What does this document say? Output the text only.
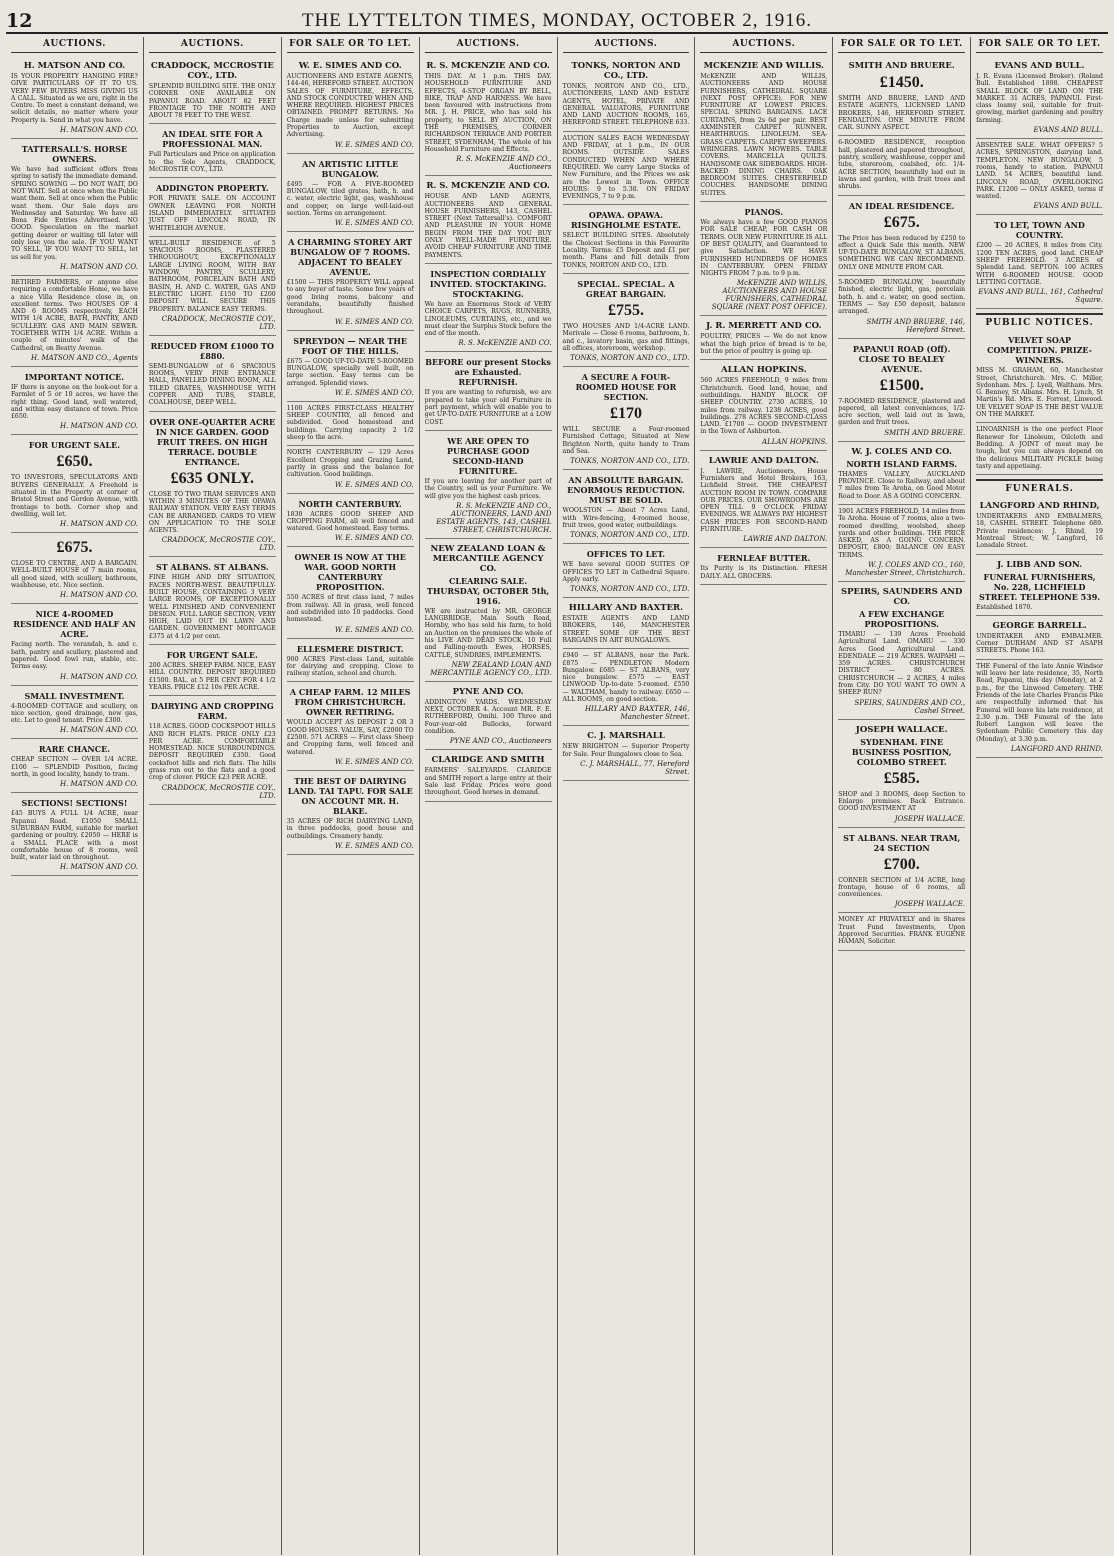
12	THE LYTTELTON TIMES, MONDAY, OCTOBER 2, 1916.
AUCTIONS.
H. MATSON AND CO.
IS YOUR PROPERTY HANGING FIRE? GIVE PARTICULARS OF IT TO US. VERY FEW BUYERS MISS GIVING US A CALL. Situated as we are, right in the Centre. To meet a constant demand, we solicit details, no matter where your Property is. Send in what you have.
H. MATSON AND CO.
TATTERSALL'S. HORSE OWNERS.
We have had sufficient offers from spring to satisfy the immediate demand. SPRING SOWING — DO NOT WAIT, DO NOT WAIT. Sell at once when the Public want them. Sell at once when the Public want them. Our Sale days are Wednesday and Saturday. We have all Bona Fide Entries Advertised. NO GOOD. Speculation on the market getting dearer or waiting till later will only lose you the sale. IF YOU WANT TO SELL, IF YOU WANT TO SELL, let us sell for you.
H. MATSON AND CO.
RETIRED FARMERS, or anyone else requiring a comfortable Home, we have a nice Villa Residence close in, on excellent terms. Two HOUSES OF 4 AND 6 ROOMS respectively, EACH WITH 1/4 ACRE, BATH, PANTRY, AND SCULLERY. GAS AND MAIN SEWER. TOGETHER WITH 1/4 ACRE. Within a couple of minutes' walk of the Cathedral, on Beatty Avenue.
H. MATSON AND CO., Agents
IMPORTANT NOTICE.
IF there is anyone on the look-out for a Farmlet of 5 or 10 acres, we have the right thing. Good land, well watered, and within easy distance of town. Price £650.
H. MATSON AND CO.
FOR URGENT SALE.
£650.
TO INVESTORS, SPECULATORS AND BUYERS GENERALLY. A Freehold is situated in the Property at corner of Bristol Street and Gordon Avenue, with frontage to both. Corner shop and dwelling, well let.
H. MATSON AND CO.
£675.
CLOSE TO CENTRE, AND A BARGAIN. WELL-BUILT HOUSE of 7 main rooms, all good sized, with scullery, bathroom, washhouse, etc. Nice section.
H. MATSON AND CO.
NICE 4-ROOMED RESIDENCE AND HALF AN ACRE.
Facing north. The verandah, h. and c. bath, pantry and scullery, plastered and papered. Good fowl run, stable, etc. Terms easy.
H. MATSON AND CO.
SMALL INVESTMENT.
4-ROOMED COTTAGE and scullery, on nice section, good drainage, new gas, etc. Let to good tenant. Price £300.
H. MATSON AND CO.
RARE CHANCE.
CHEAP SECTION — OVER 1/4 ACRE. £100 — SPLENDID Position, facing north, in good locality, handy to tram.
H. MATSON AND CO.
SECTIONS! SECTIONS!
£45 BUYS A FULL 1/4 ACRE, near Papanui Road. £1050 SMALL SUBURBAN FARM, suitable for market gardening or poultry. £2050 — HERE is a SMALL PLACE with a most comfortable house of 8 rooms, well built, water laid on throughout.
H. MATSON AND CO.
AUCTIONS.
CRADDOCK, MCCROSTIE COY., LTD.
SPLENDID BUILDING SITE. THE ONLY CORNER ONE AVAILABLE ON PAPANUI ROAD. ABOUT 82 FEET FRONTAGE TO THE NORTH AND ABOUT 78 FEET TO THE WEST.
AN IDEAL SITE FOR A PROFESSIONAL MAN.
Full Particulars and Price on application to the Sole Agents, CRADDOCK, McCROSTIE COY., LTD.
ADDINGTON PROPERTY.
FOR PRIVATE SALE. ON ACCOUNT OWNER LEAVING FOR NORTH ISLAND IMMEDIATELY. SITUATED JUST OFF LINCOLN ROAD, IN WHITELEIGH AVENUE.
WELL-BUILT RESIDENCE of 5 SPACIOUS ROOMS, PLASTERED THROUGHOUT, EXCEPTIONALLY LARGE LIVING ROOM, WITH BAY WINDOW, PANTRY, SCULLERY, BATHROOM, PORCELAIN BATH AND BASIN, H. AND C. WATER, GAS AND ELECTRIC LIGHT. £150 TO £200 DEPOSIT WILL SECURE THIS PROPERTY. BALANCE EASY TERMS.
CRADDOCK, McCROSTIE COY., LTD.
REDUCED FROM £1000 TO £880.
SEMI-BUNGALOW of 6 SPACIOUS ROOMS, VERY FINE ENTRANCE HALL, PANELLED DINING ROOM, ALL TILED GRATES, WASHHOUSE WITH COPPER AND TUBS, STABLE, COALHOUSE, DEEP WELL.
OVER ONE-QUARTER ACRE IN NICE GARDEN. GOOD FRUIT TREES. ON HIGH TERRACE. DOUBLE ENTRANCE.
£635 ONLY.
CLOSE TO TWO TRAM SERVICES AND WITHIN 3 MINUTES OF THE OPAWA RAILWAY STATION. VERY EASY TERMS CAN BE ARRANGED. CARDS TO VIEW ON APPLICATION TO THE SOLE AGENTS.
CRADDOCK, McCROSTIE COY., LTD.
ST ALBANS. ST ALBANS.
FINE HIGH AND DRY SITUATION, FACES NORTH-WEST. BEAUTIFULLY-BUILT HOUSE, CONTAINING 3 VERY LARGE ROOMS, OF EXCEPTIONALLY WELL FINISHED AND CONVENIENT DESIGN. FULL LARGE SECTION, VERY HIGH, LAID OUT IN LAWN AND GARDEN. GOVERNMENT MORTGAGE £375 at 4 1/2 per cent.
FOR URGENT SALE.
200 ACRES. SHEEP FARM. NICE, EASY HILL COUNTRY. DEPOSIT REQUIRED £1500. BAL. at 5 PER CENT FOR 4 1/2 YEARS. PRICE £12 10s PER ACRE.
DAIRYING AND CROPPING FARM.
118 ACRES. GOOD COCKSPOOT HILLS AND RICH FLATS. PRICE ONLY £23 PER ACRE. COMFORTABLE HOMESTEAD. NICE SURROUNDINGS. DEPOSIT REQUIRED £350. Good cocksfoot hills and rich flats. The hills grass run out to the flats and a good crop of clover. PRICE £23 PER ACRE.
CRADDOCK, McCROSTIE COY., LTD.
FOR SALE OR TO LET.
W. E. SIMES AND CO.
AUCTIONEERS AND ESTATE AGENTS, 144-46, HEREFORD STREET. AUCTION SALES OF FURNITURE, EFFECTS, AND STOCK CONDUCTED WHEN AND WHERE REQUIRED. HIGHEST PRICES OBTAINED. PROMPT RETURNS. No Charge made unless for submitting Properties to Auction, except Advertising.
W. E. SIMES AND CO.
AN ARTISTIC LITTLE BUNGALOW.
£495 — FOR A FIVE-ROOMED BUNGALOW, tiled grates, bath, h. and c. water, electric light, gas, washhouse and copper, on large well-laid-out section. Terms on arrangement.
W. E. SIMES AND CO.
A CHARMING STOREY ART BUNGALOW OF 7 ROOMS. ADJACENT TO BEALEY AVENUE.
£1500 — THIS PROPERTY WILL appeal to any buyer of taste. Some few years of good living rooms, balcony and verandahs, beautifully finished throughout.
W. E. SIMES AND CO.
SPREYDON — NEAR THE FOOT OF THE HILLS.
£675 — GOOD UP-TO-DATE 5-ROOMED BUNGALOW, specially well built, on large section. Easy terms can be arranged. Splendid views.
W. E. SIMES AND CO.
1100 ACRES FIRST-CLASS HEALTHY SHEEP COUNTRY, all fenced and subdivided. Good homestead and buildings. Carrying capacity 2 1/2 sheep to the acre.
NORTH CANTERBURY — 129 Acres Excellent Cropping and Grazing Land, partly in grass and the balance for cultivation. Good buildings.
W. E. SIMES AND CO.
NORTH CANTERBURY.
1830 ACRES GOOD SHEEP AND CROPPING FARM, all well fenced and watered. Good homestead. Easy terms.
W. E. SIMES AND CO.
OWNER IS NOW AT THE WAR. GOOD NORTH CANTERBURY PROPOSITION.
550 ACRES of first class land, 7 miles from railway. All in grass, well fenced and subdivided into 10 paddocks. Good homestead.
W. E. SIMES AND CO.
ELLESMERE DISTRICT.
900 ACRES First-class Land, suitable for dairying and cropping. Close to railway station, school and church.
A CHEAP FARM. 12 MILES FROM CHRISTCHURCH. OWNER RETIRING.
WOULD ACCEPT AS DEPOSIT 2 OR 3 GOOD HOUSES. VALUE, SAY, £2000 TO £2500. 571 ACRES — First class Sheep and Cropping farm, well fenced and watered.
W. E. SIMES AND CO.
THE BEST OF DAIRYING LAND. TAI TAPU. FOR SALE ON ACCOUNT MR. H. BLAKE.
35 ACRES OF RICH DAIRYING LAND, in three paddocks, good house and outbuildings. Creamery handy.
W. E. SIMES AND CO.
AUCTIONS.
R. S. MCKENZIE AND CO.
THIS DAY. At 1 p.m. THIS DAY. HOUSEHOLD FURNITURE AND EFFECTS, 4-STOP ORGAN BY BELL, BIKE, TRAP AND HARNESS. We have been favoured with instructions from MR. J. H. PRICE, who has sold his property, to SELL BY AUCTION, ON THE PREMISES, CORNER RICHARDSON TERRACE AND PORTER STREET, SYDENHAM, The whole of his Household Furniture and Effects.
R. S. McKENZIE AND CO., Auctioneers
R. S. MCKENZIE AND CO.
HOUSE AND LAND AGENTS, AUCTIONEERS AND GENERAL HOUSE FURNISHERS, 143, CASHEL STREET (Next Tattersall's). COMFORT AND PLEASURE IN YOUR HOME BEGIN FROM THE DAY YOU BUY ONLY WELL-MADE FURNITURE. AVOID CHEAP FURNITURE AND TIME PAYMENTS.
INSPECTION CORDIALLY INVITED. STOCKTAKING. STOCKTAKING.
We have an Enormous Stock of VERY CHOICE CARPETS, RUGS, RUNNERS, LINOLEUMS, CURTAINS, etc., and we must clear the Surplus Stock before the end of the month.
R. S. McKENZIE AND CO.
BEFORE our present Stocks are Exhausted. REFURNISH.
If you are wanting to refurnish, we are prepared to take your old Furniture in part payment, which will enable you to get UP-TO-DATE FURNITURE at a LOW COST.
WE ARE OPEN TO PURCHASE GOOD SECOND-HAND FURNITURE.
If you are leaving for another part of the Country, sell us your Furniture. We will give you the highest cash prices.
R. S. McKENZIE AND CO., AUCTIONEERS, LAND AND ESTATE AGENTS, 143, CASHEL STREET, CHRISTCHURCH.
NEW ZEALAND LOAN & MERCANTILE AGENCY CO.
CLEARING SALE. THURSDAY, OCTOBER 5th, 1916.
WE are instructed by MR. GEORGE LANGBRIDGE, Main South Road, Hornby, who has sold his farm, to hold an Auction on the premises the whole of his LIVE AND DEAD STOCK. 10 Full and Falling-mouth Ewes, HORSES, CATTLE, SUNDRIES, IMPLEMENTS.
NEW ZEALAND LOAN AND MERCANTILE AGENCY CO., LTD.
PYNE AND CO.
ADDINGTON YARDS. WEDNESDAY NEXT, OCTOBER 4. Account MR. F. E. RUTHERFORD, Omihi. 100 Three and Four-year-old Bullocks, forward condition.
PYNE AND CO., Auctioneers
CLARIDGE AND SMITH
FARMERS' SALEYARDS. CLARIDGE and SMITH report a large entry at their Sale last Friday. Prices were good throughout. Good horses in demand.
AUCTIONS.
TONKS, NORTON AND CO., LTD.
TONKS, NORTON AND CO., LTD., AUCTIONEERS, LAND AND ESTATE AGENTS, HOTEL, PRIVATE AND GENERAL VALUATORS, FURNITURE AND LAND AUCTION ROOMS, 165, HEREFORD STREET. TELEPHONE 633.
AUCTION SALES EACH WEDNESDAY AND FRIDAY, at 1 p.m., IN OUR ROOMS. OUTSIDE SALES CONDUCTED WHEN AND WHERE REQUIRED. We carry Large Stocks of New Furniture, and the Prices we ask are the Lowest in Town. OFFICE HOURS: 9 to 5.30. ON FRIDAY EVENINGS, 7 to 9 p.m.
OPAWA. OPAWA. RISINGHOLME ESTATE.
SELECT BUILDING SITES. Absolutely the Choicest Sections in this Favourite Locality. Terms: £5 Deposit and £1 per month. Plans and full details from TONKS, NORTON AND CO., LTD.
SPECIAL. SPECIAL. A GREAT BARGAIN.
£755.
TWO HOUSES AND 1/4-ACRE LAND. Merivale — Close 6 rooms, bathroom, h. and c., lavatory basin, gas and fittings, all offices, storeroom, workshop.
TONKS, NORTON AND CO., LTD.
A SECURE A FOUR-ROOMED HOUSE FOR SECTION.
£170
WILL SECURE a Four-roomed Furnished Cottage, Situated at New Brighton North, quite handy to Tram and Sea.
TONKS, NORTON AND CO., LTD.
AN ABSOLUTE BARGAIN. ENORMOUS REDUCTION. MUST BE SOLD.
WOOLSTON — About 7 Acres Land, with Wire-fencing, 4-roomed house, fruit trees, good water, outbuildings.
TONKS, NORTON AND CO., LTD.
OFFICES TO LET.
WE have several GOOD SUITES OF OFFICES TO LET in Cathedral Square. Apply early.
TONKS, NORTON AND CO., LTD.
HILLARY AND BAXTER.
ESTATE AGENTS AND LAND BROKERS, 146, MANCHESTER STREET. SOME OF THE BEST BARGAINS IN ART BUNGALOWS.
£940 — ST ALBANS, near the Park. £875 — PENDLETON Modern Bungalow. £685 — ST ALBANS, very nice bungalow. £575 — EAST LINWOOD Up-to-date 5-roomed. £550 — WALTHAM, handy to railway. £650 — ALL ROOMS, on good section.
HILLARY AND BAXTER, 146, Manchester Street.
C. J. MARSHALL
NEW BRIGHTON — Superior Property for Sale. Four Bungalows close to Sea.
C. J. MARSHALL, 77, Hereford Street.
AUCTIONS.
MCKENZIE AND WILLIS.
McKENZIE AND WILLIS, AUCTIONEERS AND HOUSE FURNISHERS, CATHEDRAL SQUARE (NEXT POST OFFICE). FOR NEW FURNITURE AT LOWEST PRICES. SPECIAL SPRING BARGAINS. LACE CURTAINS, from 2s 6d per pair. BEST AXMINSTER CARPET RUNNER. HEARTHRUGS. LINOLEUM. SEA-GRASS CARPETS. CARPET SWEEPERS. WRINGERS. LAWN MOWERS. TABLE COVERS. MARCELLA QUILTS. HANDSOME OAK SIDEBOARDS. HIGH-BACKED DINING CHAIRS. OAK BEDROOM SUITES. CHESTERFIELD COUCHES. HANDSOME DINING SUITES.
PIANOS.
We always have a few GOOD PIANOS FOR SALE CHEAP, FOR CASH OR TERMS. OUR NEW FURNITURE IS ALL OF BEST QUALITY, and Guaranteed to give Satisfaction. WE HAVE FURNISHED HUNDREDS OF HOMES IN CANTERBURY. OPEN FRIDAY NIGHTS FROM 7 p.m. to 9 p.m.
McKENZIE AND WILLIS, AUCTIONEERS AND HOUSE FURNISHERS, CATHEDRAL SQUARE (NEXT POST OFFICE).
J. R. MERRETT AND CO.
POULTRY, PRICES — We do not know what the high price of bread is to be, but the price of poultry is going up.
ALLAN HOPKINS.
560 ACRES FREEHOLD, 9 miles from Christchurch. Good land, house, and outbuildings. HANDY BLOCK OF SHEEP COUNTRY. 2730 ACRES, 10 miles from railway. 1238 ACRES, good buildings. 278 ACRES SECOND-CLASS LAND. £1700 — GOOD INVESTMENT in the Town of Ashburton.
ALLAN HOPKINS.
LAWRIE AND DALTON.
J. LAWRIE, Auctioneers, House Furnishers and Hotel Brokers, 163, Lichfield Street. THE CHEAPEST AUCTION ROOM IN TOWN. COMPARE OUR PRICES. OUR SHOWROOMS ARE OPEN TILL 9 O'CLOCK FRIDAY EVENINGS. WE ALWAYS PAY HIGHEST CASH PRICES FOR SECOND-HAND FURNITURE.
LAWRIE AND DALTON.
FERNLEAF BUTTER.
Its Purity is its Distinction. FRESH DAILY. ALL GROCERS.
FOR SALE OR TO LET.
SMITH AND BRUERE.
£1450.
SMITH AND BRUERE, LAND AND ESTATE AGENTS, LICENSED LAND BROKERS, 146, HEREFORD STREET. FENDALTON. ONE MINUTE FROM CAR. SUNNY ASPECT.
6-ROOMED RESIDENCE, reception hall, plastered and papered throughout, pantry, scullery, washhouse, copper and tubs, storeroom, coalshed, etc. 1/4-ACRE SECTION, beautifully laid out in lawns and garden, with fruit trees and shrubs.
AN IDEAL RESIDENCE.
£675.
The Price has been reduced by £250 to effect a Quick Sale this month. NEW UP-TO-DATE BUNGALOW, ST ALBANS. SOMETHING WE CAN RECOMMEND. ONLY ONE MINUTE FROM CAR.
5-ROOMED BUNGALOW, beautifully finished, electric light, gas, porcelain bath, h. and c. water, on good section. TERMS — Say £50 deposit, balance arranged.
SMITH AND BRUERE, 146, Hereford Street.
PAPANUI ROAD (Off). CLOSE TO BEALEY AVENUE.
£1500.
7-ROOMED RESIDENCE, plastered and papered, all latest conveniences, 1/2-acre section, well laid out in lawn, garden and fruit trees.
SMITH AND BRUERE.
W. J. COLES AND CO.
NORTH ISLAND FARMS.
THAMES VALLEY, AUCKLAND PROVINCE. Close to Railway, and about 7 miles from Te Aroha, on Good Motor Road to Door. AS A GOING CONCERN.
1901 ACRES FREEHOLD, 14 miles from Te Aroha. House of 7 rooms, also a two-roomed dwelling, woolshed, sheep yards and other buildings. THE PRICE ASKED, AS A GOING CONCERN. DEPOSIT, £800; BALANCE ON EASY TERMS.
W. J. COLES AND CO., 160, Manchester Street, Christchurch.
SPEIRS, SAUNDERS AND CO.
A FEW EXCHANGE PROPOSITIONS.
TIMARU — 139 Acres Freehold Agricultural Land. OMARU — 330 Acres Good Agricultural Land. EDENDALE — 219 ACRES. WAIPAHI — 359 ACRES. CHRISTCHURCH DISTRICT — 80 ACRES. CHRISTCHURCH — 2 ACRES, 4 miles from City. DO YOU WANT TO OWN A SHEEP RUN?
SPEIRS, SAUNDERS AND CO., Cashel Street.
JOSEPH WALLACE.
SYDENHAM. FINE BUSINESS POSITION, COLOMBO STREET.
£585.
SHOP and 3 ROOMS, deep Section to Enlarge premises. Back Entrance. GOOD INVESTMENT AT
JOSEPH WALLACE.
ST ALBANS. NEAR TRAM, 24 SECTION
£700.
CORNER SECTION of 1/4 ACRE, long frontage, house of 6 rooms, all conveniences.
JOSEPH WALLACE.
MONEY AT PRIVATELY and in Shares Trust Fund Investments, Upon Approved Securities. FRANK EUGENE HAMAN, Solicitor.
FOR SALE OR TO LET.
EVANS AND BULL.
J. R. Evans (Licensed Broker). (Roland Bull. Established 1898. CHEAPEST SMALL BLOCK OF LAND ON THE MARKET. 31 ACRES, PAPANUI. First-class loamy soil, suitable for fruit-growing, market gardening and poultry farming.
EVANS AND BULL.
ABSENTEE SALE. WHAT OFFERS? 5 ACRES, SPRINGSTON, dairying land. TEMPLETON. NEW BUNGALOW, 5 rooms, handy to station. PAPANUI LAND. 54 ACRES, beautiful land. LINCOLN ROAD, OVERLOOKING PARK. £1200 — ONLY ASKED, terms if wanted.
EVANS AND BULL.
TO LET, TOWN AND COUNTRY.
£200 — 20 ACRES, 8 miles from City. 1200 TEN ACRES, good land. CHEAP SHEEP FREEHOLD. 3 ACRES of Splendid Land. SEPTON. 100 ACRES WITH 6-ROOMED HOUSE. GOOD LETTING COTTAGE.
EVANS AND BULL, 161, Cathedral Square.
PUBLIC NOTICES.
VELVET SOAP COMPETITION. PRIZE-WINNERS.
MISS M. GRAHAM, 60, Manchester Street, Christchurch. Mrs. C. Miller, Sydenham. Mrs. J. Lyell, Waltham. Mrs. G. Benney, St Albans. Mrs. H. Lynch, St Martin's Rd. Mrs. E. Forrest, Linwood. UE VELVET SOAP IS THE BEST VALUE ON THE MARKET.
LINOARNISH is the one perfect Floor Renewer for Linoleum, Oilcloth and Bedding. A JOINT of meat may be tough, but you can always depend on the delicious MILITARY PICKLE being tasty and appetising.
FUNERALS.
LANGFORD AND RHIND,
UNDERTAKERS AND EMBALMERS, 18, CASHEL STREET. Telephone 689. Private residences: J. Rhind, 19 Montreal Street; W. Langford, 16 Lonsdale Street.
J. LIBB AND SON.
FUNERAL FURNISHERS, No. 228, LICHFIELD STREET. TELEPHONE 539.
Established 1870.
GEORGE BARRELL.
UNDERTAKER AND EMBALMER. Corner DURHAM AND ST ASAPH STREETS. Phone 163.
THE Funeral of the late Annie Windsor will leave her late residence, 35, North Road, Papanui, this day (Monday), at 2 p.m., for the Linwood Cemetery. THE Friends of the late Charles Francis Pike are respectfully informed that his Funeral will leave his late residence, at 2.30 p.m. THE Funeral of the late Robert Langson will leave the Sydenham Public Cemetery this day (Monday), at 3.30 p.m.
LANGFORD AND RHIND.
